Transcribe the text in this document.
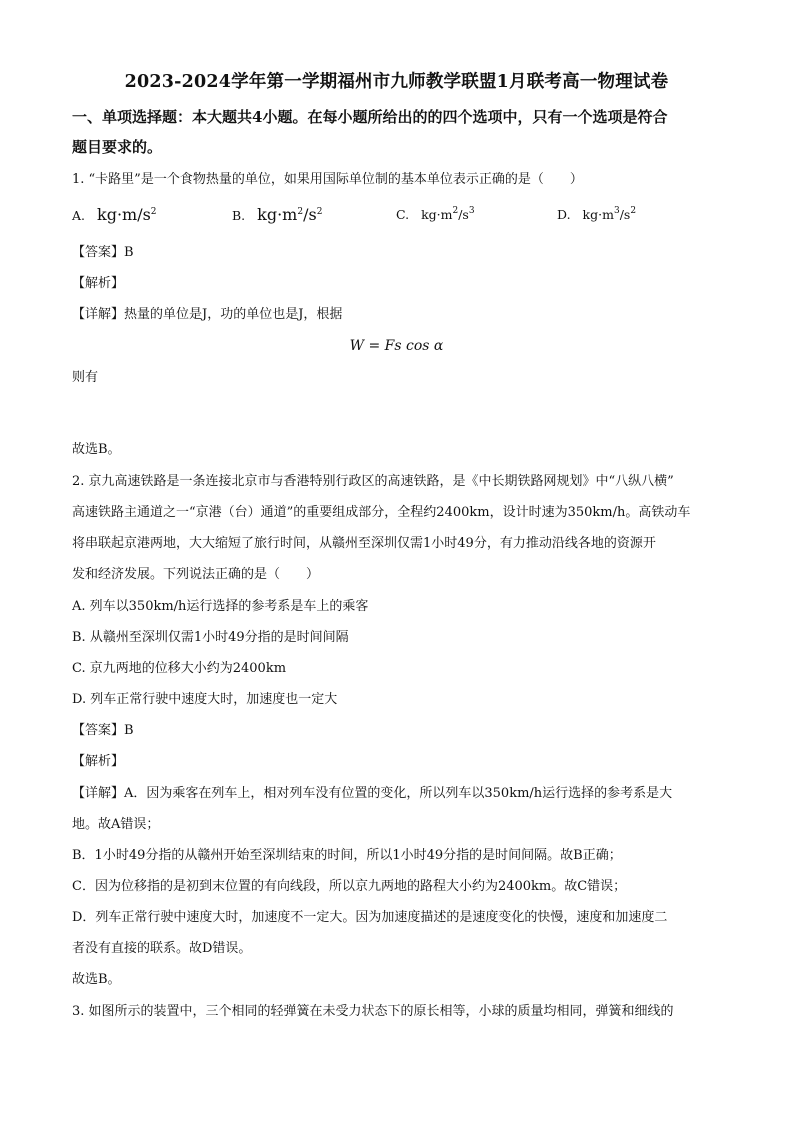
2023-2024学年第一学期福州市九师教学联盟1月联考高一物理试卷
一、单项选择题：本大题共4小题。在每小题所给出的的四个选项中，只有一个选项是符合
题目要求的。
1. “卡路里”是一个食物热量的单位，如果用国际单位制的基本单位表示正确的是（　　）
A. $kg\cdot m/s^2$	B. $kg\cdot m^2/s^2$	C. $kg\cdot m^2/s^3$	D. $kg\cdot m^3/s^2$
【答案】B
【解析】
【详解】热量的单位是J，功的单位也是J，根据
W = Fs cos α
则有
故选B。
2. 京九高速铁路是一条连接北京市与香港特别行政区的高速铁路，是《中长期铁路网规划》中“八纵八横”
高速铁路主通道之一“京港（台）通道”的重要组成部分，全程约2400km，设计时速为350km/h。高铁动车
将串联起京港两地，大大缩短了旅行时间，从赣州至深圳仅需1小时49分，有力推动沿线各地的资源开
发和经济发展。下列说法正确的是（　　）
A. 列车以350km/h运行选择的参考系是车上的乘客
B. 从赣州至深圳仅需1小时49分指的是时间间隔
C. 京九两地的位移大小约为2400km
D. 列车正常行驶中速度大时，加速度也一定大
【答案】B
【解析】
【详解】A．因为乘客在列车上，相对列车没有位置的变化，所以列车以350km/h运行选择的参考系是大
地。故A错误；
B．1小时49分指的从赣州开始至深圳结束的时间，所以1小时49分指的是时间间隔。故B正确；
C．因为位移指的是初到末位置的有向线段，所以京九两地的路程大小约为2400km。故C错误；
D．列车正常行驶中速度大时，加速度不一定大。因为加速度描述的是速度变化的快慢，速度和加速度二
者没有直接的联系。故D错误。
故选B。
3. 如图所示的装置中，三个相同的轻弹簧在未受力状态下的原长相等，小球的质量均相同，弹簧和细线的
